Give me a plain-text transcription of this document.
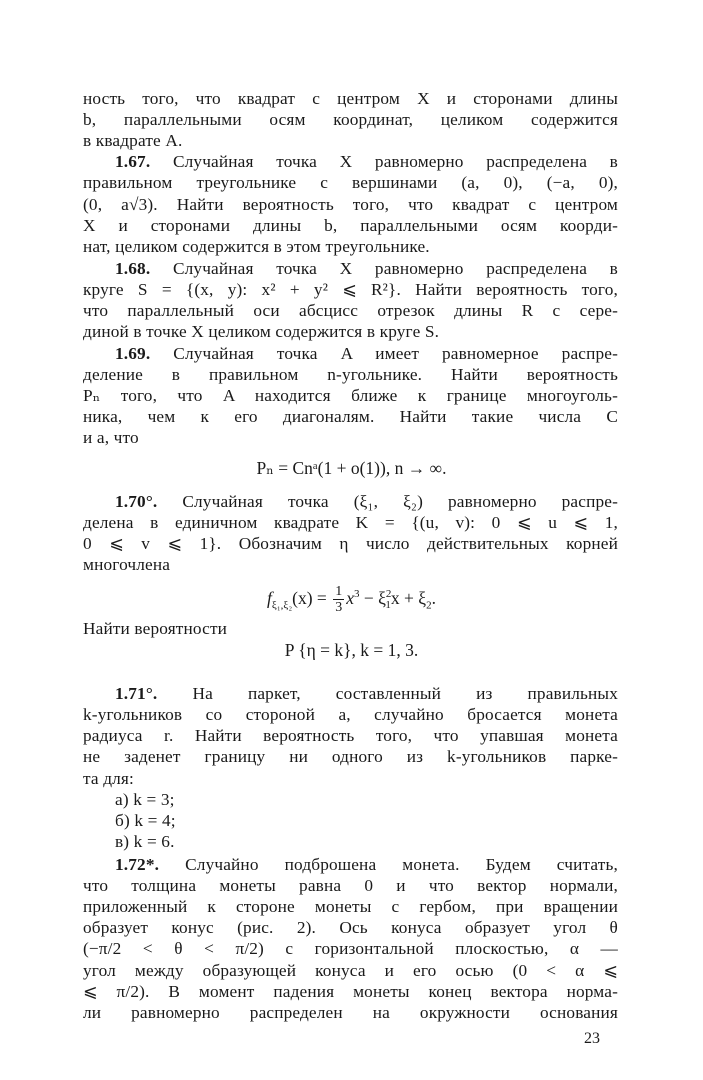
ность того, что квадрат с центром X и сторонами длины
b, параллельными осям координат, целиком содержится
в квадрате A.
1.67. Случайная точка X равномерно распределена в
правильном треугольнике с вершинами (a, 0), (−a, 0),
(0, a√3). Найти вероятность того, что квадрат с центром
X и сторонами длины b, параллельными осям коорди-
нат, целиком содержится в этом треугольнике.
1.68. Случайная точка X равномерно распределена в
круге S = {(x, y): x² + y² ⩽ R²}. Найти вероятность того,
что параллельный оси абсцисс отрезок длины R с сере-
диной в точке X целиком содержится в круге S.
1.69. Случайная точка A имеет равномерное распре-
деление в правильном n-угольнике. Найти вероятность
Pₙ того, что A находится ближе к границе многоуголь-
ника, чем к его диагоналям. Найти такие числа C
и a, что
Pₙ = Cnᵃ(1 + o(1)), n → ∞.
1.70°. Случайная точка (ξ₁, ξ₂) равномерно распре-
делена в единичном квадрате K = {(u, v): 0 ⩽ u ⩽ 1,
0 ⩽ v ⩽ 1}. Обозначим η число действительных корней
многочлена
$f_{\xi_1,\xi_2}(x) = \frac{1}{3} x^3 - \xi^2_1x + \xi_2$.
Найти вероятности
P {η = k}, k = 1, 3.
1.71°. На паркет, составленный из правильных
k-угольников со стороной a, случайно бросается монета
радиуса r. Найти вероятность того, что упавшая монета
не заденет границу ни одного из k-угольников парке-
та для:
а) k = 3;
б) k = 4;
в) k = 6.
1.72*. Случайно подброшена монета. Будем считать,
что толщина монеты равна 0 и что вектор нормали,
приложенный к стороне монеты с гербом, при вращении
образует конус (рис. 2). Ось конуса образует угол θ
(−π/2 < θ < π/2) с горизонтальной плоскостью, α —
угол между образующей конуса и его осью (0 < α ⩽
⩽ π/2). В момент падения монеты конец вектора норма-
ли равномерно распределен на окружности основания
23
